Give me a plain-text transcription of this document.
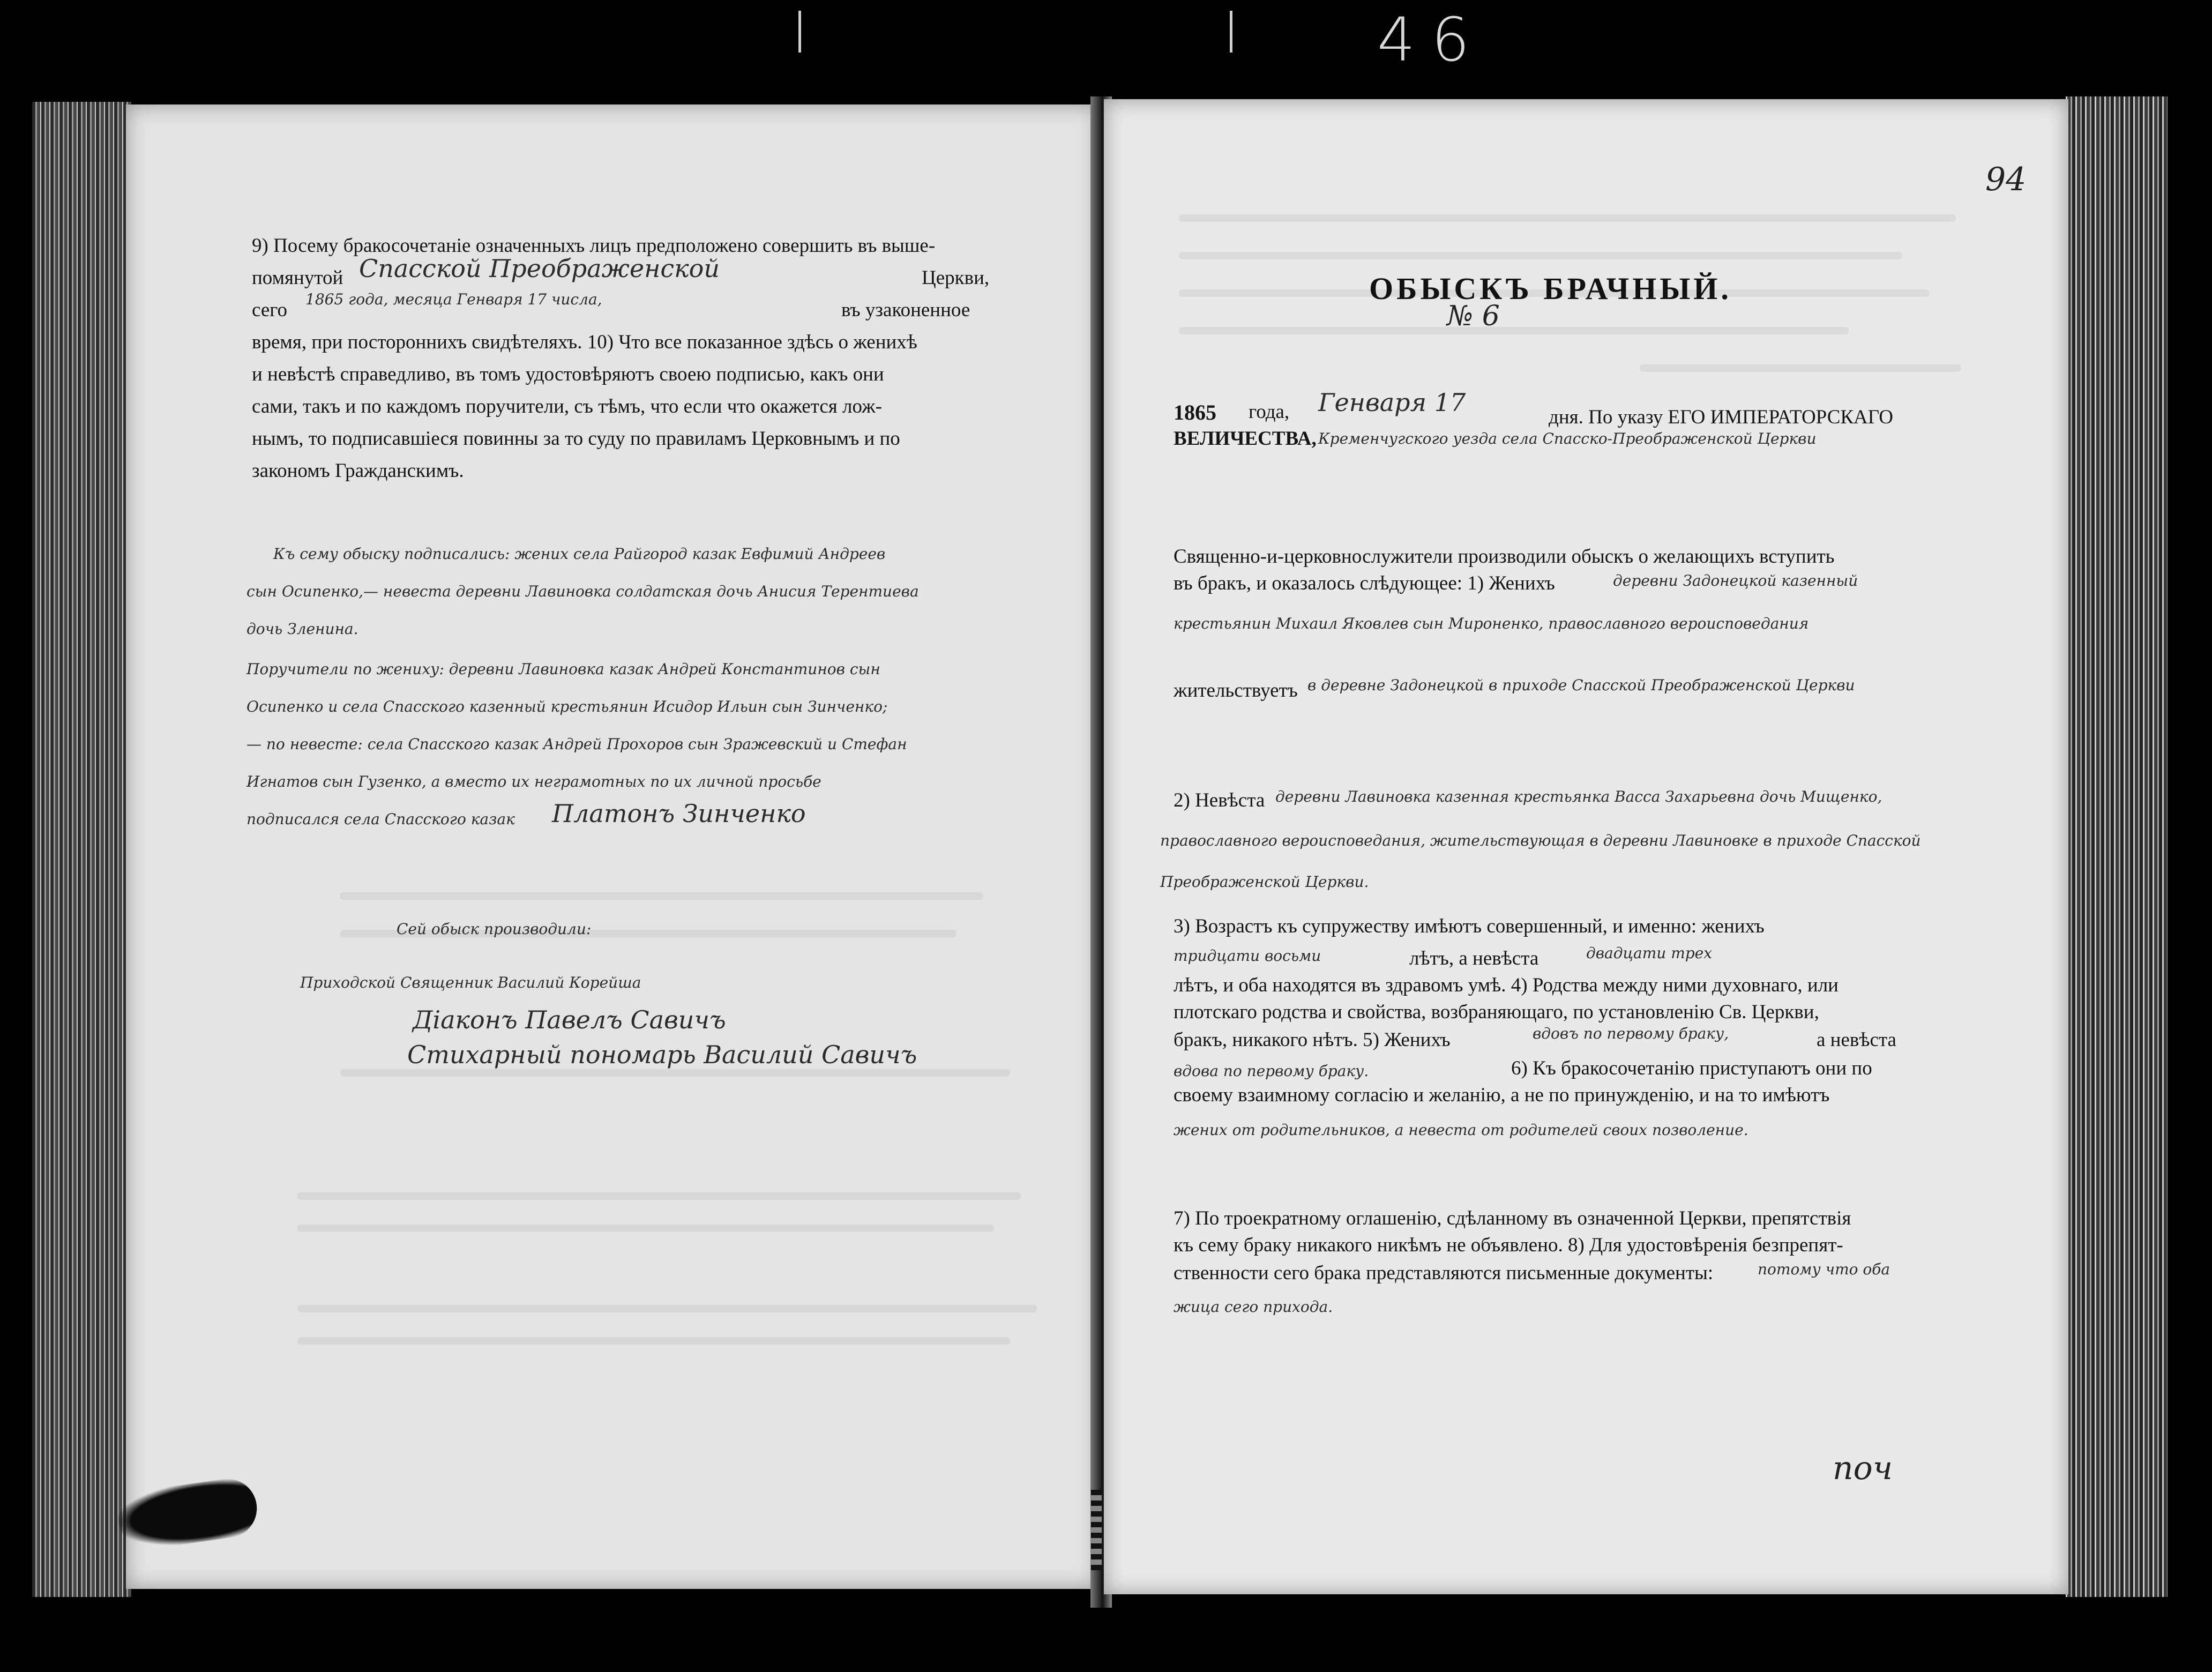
46
9) Посему бракосочетаніе означенныхъ лицъ предположено совершить въ выше-
помянутой Спасской Преображенской	Церкви,
сего 1865 года, месяца Генваря 17 числа,	въ узаконенное
время, при постороннихъ свидѣтеляхъ. 10) Что все показанное здѣсь о женихѣ
и невѣстѣ справедливо, въ томъ удостовѣряютъ своею подписью, какъ они
сами, такъ и по каждомъ поручители, съ тѣмъ, что если что окажется лож-
нымъ, то подписавшіеся повинны за то суду по правиламъ Церковнымъ и по
закономъ Гражданскимъ.
Къ сему обыску подписались: жених села Райгород казак Евфимий Андреев
сын Осипенко,— невеста деревни Лавиновка солдатская дочь Анисия Терентиева
дочь Зленина.
Поручители по жениху: деревни Лавиновка казак Андрей Константинов сын
Осипенко и села Спасского казенный крестьянин Исидор Ильин сын Зинченко;
— по невесте: села Спасского казак Андрей Прохоров сын Зражевский и Стефан
Игнатов сын Гузенко, а вместо их неграмотных по их личной просьбе
подписался села Спасского казак Платонъ Зинченко
Сей обыск производили:
Приходской Священник Василий Корейша
Діаконъ Павелъ Савичъ
Стихарный пономарь Василий Савичъ
94
ОБЫСКЪ БРАЧНЫЙ.
№ 6
1865 года, Генваря 17
дня. По указу ЕГО ИМПЕРАТОРСКАГО
ВЕЛИЧЕСТВА, Кременчугского уезда села Спасско-Преображенской Церкви
Священно-и-церковнослужители производили обыскъ о желающихъ вступить
въ бракъ, и оказалось слѣдующее: 1) Женихъ	деревни Задонецкой казенный
крестьянин Михаил Яковлев сын Мироненко, православного вероисповедания
жительствуетъ в деревне Задонецкой в приходе Спасской Преображенской Церкви
2) Невѣста деревни Лавиновка казенная крестьянка Васса Захарьевна дочь Мищенко,
православного вероисповедания, жительствующая в деревни Лавиновке в приходе Спасской
Преображенской Церкви.
3) Возрастъ къ супружеству имѣютъ совершенный, и именно: женихъ
тридцати восьми	лѣтъ, а невѣста	двадцати трех
лѣтъ, и оба находятся въ здравомъ умѣ. 4) Родства между ними духовнаго, или
плотскаго родства и свойства, возбраняющаго, по установленію Св. Церкви,
бракъ, никакого нѣтъ. 5) Женихъ	вдовъ по первому браку,	а невѣста
вдова по первому браку.	6) Къ бракосочетанію приступаютъ они по
своему взаимному согласію и желанію, а не по принужденію, и на то имѣютъ
жених от родительников, а невеста от родителей своих позволение.
7) По троекратному оглашенію, сдѣланному въ означенной Церкви, препятствія
къ сему браку никакого никѣмъ не объявлено. 8) Для удостовѣренія безпрепят-
ственности сего брака представляются письменные документы:	потому что оба
жица сего прихода.
поч
